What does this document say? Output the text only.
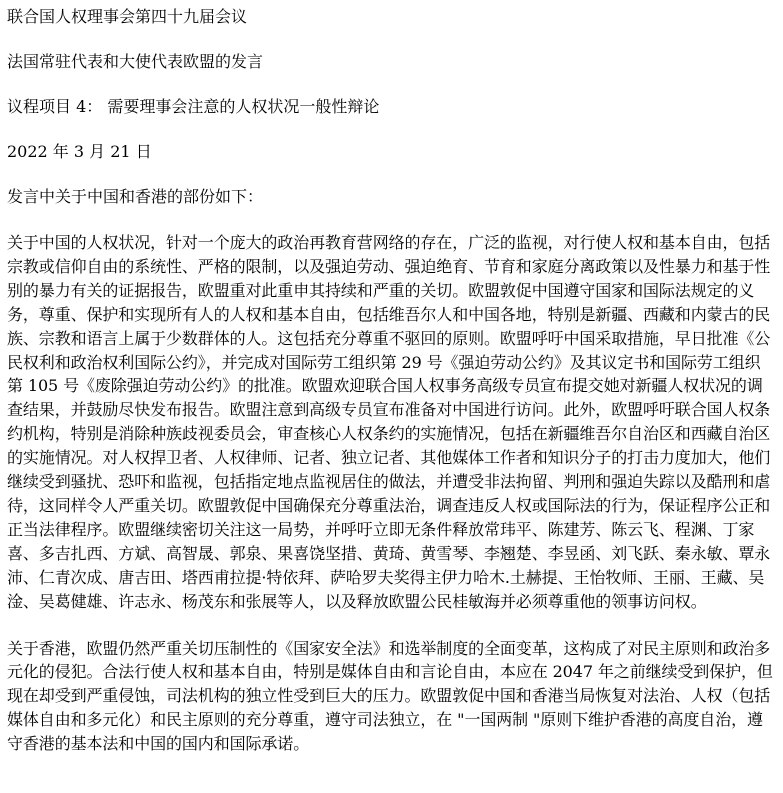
联合国人权理事会第四十九届会议

法国常驻代表和大使代表欧盟的发言

议程项目 4： 需要理事会注意的人权状况一般性辩论

2022 年 3 月 21 日

发言中关于中国和香港的部份如下：

关于中国的人权状况，针对一个庞大的政治再教育营网络的存在，广泛的监视，对行使人权和基本自由，包括宗教或信仰自由的系统性、严格的限制，以及强迫劳动、强迫绝育、节育和家庭分离政策以及性暴力和基于性别的暴力有关的证据报告，欧盟重对此重申其持续和严重的关切。欧盟敦促中国遵守国家和国际法规定的义务，尊重、保护和实现所有人的人权和基本自由，包括维吾尔人和中国各地，特别是新疆、西藏和内蒙古的民族、宗教和语言上属于少数群体的人。这包括充分尊重不驱回的原则。欧盟呼吁中国采取措施，早日批准《公民权利和政治权利国际公约》，并完成对国际劳工组织第 29 号《强迫劳动公约》及其议定书和国际劳工组织第 105 号《废除强迫劳动公约》的批准。欧盟欢迎联合国人权事务高级专员宣布提交她对新疆人权状况的调查结果，并鼓励尽快发布报告。欧盟注意到高级专员宣布准备对中国进行访问。此外，欧盟呼吁联合国人权条约机构，特别是消除种族歧视委员会，审查核心人权条约的实施情况，包括在新疆维吾尔自治区和西藏自治区的实施情况。对人权捍卫者、人权律师、记者、独立记者、其他媒体工作者和知识分子的打击力度加大，他们继续受到骚扰、恐吓和监视，包括指定地点监视居住的做法，并遭受非法拘留、判刑和强迫失踪以及酷刑和虐待，这同样令人严重关切。欧盟敦促中国确保充分尊重法治，调查违反人权或国际法的行为，保证程序公正和正当法律程序。欧盟继续密切关注这一局势，并呼吁立即无条件释放常玮平、陈建芳、陈云飞、程渊、丁家喜、多吉扎西、方斌、高智晟、郭泉、果喜饶坚措、黄琦、黄雪琴、李翘楚、李昱函、刘飞跃、秦永敏、覃永沛、仁青次成、唐吉田、塔西甫拉提·特依拜、萨哈罗夫奖得主伊力哈木.土赫提、王怡牧师、王丽、王藏、吴淦、吴葛健雄、许志永、杨茂东和张展等人，以及释放欧盟公民桂敏海并必须尊重他的领事访问权。

关于香港，欧盟仍然严重关切压制性的《国家安全法》和选举制度的全面变革，这构成了对民主原则和政治多元化的侵犯。合法行使人权和基本自由，特别是媒体自由和言论自由，本应在 2047 年之前继续受到保护，但现在却受到严重侵蚀，司法机构的独立性受到巨大的压力。欧盟敦促中国和香港当局恢复对法治、人权（包括媒体自由和多元化）和民主原则的充分尊重，遵守司法独立，在 "一国两制 "原则下维护香港的高度自治，遵守香港的基本法和中国的国内和国际承诺。
